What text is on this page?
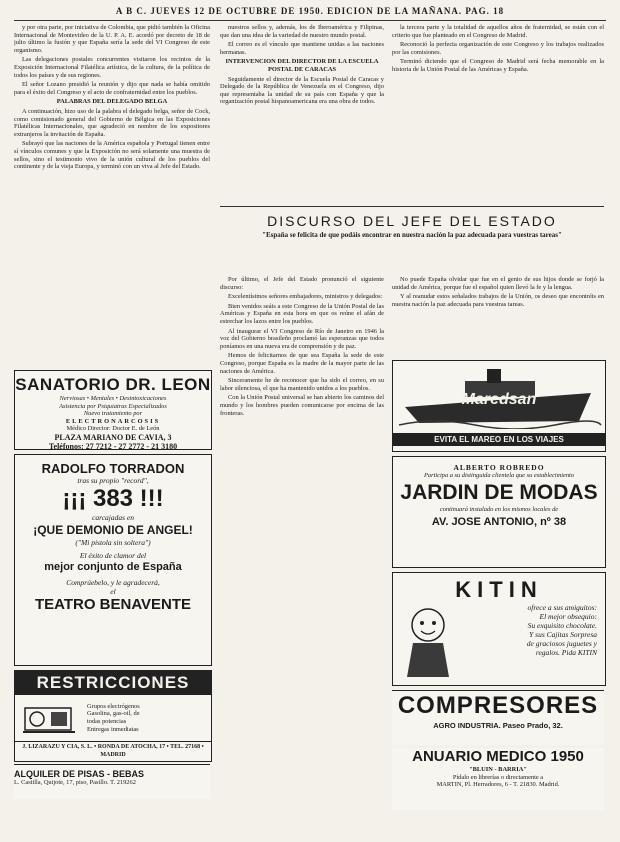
A B C. JUEVES 12 DE OCTUBRE DE 1950. EDICION DE LA MAÑANA. PAG. 18

y por otra parte, por iniciativa de Colombia, que pidió también la Oficina Internacional de Montevideo de la U. P. A. E. acordó por decreto de 18 de julio último la fusión y que España sería la sede del VI Congreso de este organismo.

Las delegaciones postales concurrentes visitaron los recintos de la Exposición Internacional Filatélica artística, de la cultura, de la política de todos los países y de sus regiones.

El señor Lozano presidió la reunión y dijo que nada se había omitido para el éxito del Congreso y el acto de confraternidad entre los pueblos.

PALABRAS DEL DELEGADO BELGA

A continuación, hizo uso de la palabra el delegado belga, señor de Cock, como comisionado general del Gobierno de Bélgica en las Exposiciones Filatélicas Internacionales, que agradeció en nombre de los expositores extranjeros la invitación de España.

Subrayó que las naciones de la América española y Portugal tienen entre sí vínculos comunes y que la Exposición no será solamente una muestra de sellos, sino el testimonio vivo de la unión cultural de los pueblos del continente y de la vieja Europa, y terminó con un viva al Jefe del Estado.

nuestros sellos y, además, los de Iberoamérica y Filipinas, que dan una idea de la variedad de nuestro mundo postal.

El correo es el vínculo que mantiene unidas a las naciones hermanas.

INTERVENCION DEL DIRECTOR DE LA ESCUELA POSTAL DE CARACAS

Seguidamente el director de la Escuela Postal de Caracas y Delegado de la República de Venezuela en el Congreso, dijo que representaba la unidad de su país con España y que la organización postal hispanoamericana era una obra de todos.

la tercera parte y la totalidad de aquellos años de fraternidad, se están con el criterio que fue planteado en el Congreso de Madrid.

Reconoció la perfecta organización de este Congreso y los trabajos realizados por las comisiones.

Terminó diciendo que el Congreso de Madrid será fecha memorable en la historia de la Unión Postal de las Américas y España.

DISCURSO DEL JEFE DEL ESTADO
"España se felicita de que podáis encontrar en nuestra nación la paz adecuada para vuestras tareas"

Por último, el Jefe del Estado pronunció el siguiente discurso:

Excelentísimos señores embajadores, ministros y delegados:

Bien venidos seáis a este Congreso de la Unión Postal de las Américas y España en esta hora en que os reúne el afán de estrechar los lazos entre los pueblos.

Al inaugurar el VI Congreso de Río de Janeiro en 1946 la voz del Gobierno brasileño proclamó las esperanzas que todos poníamos en una nueva era de comprensión y de paz.

Hemos de felicitarnos de que sea España la sede de este Congreso, porque España es la madre de la mayor parte de las naciones de América.

Sinceramente he de reconocer que ha sido el correo, en su labor silenciosa, el que ha mantenido unidos a los pueblos.

Con la Unión Postal universal se han abierto los caminos del mundo y los hombres pueden comunicarse por encima de las fronteras.

No puede España olvidar que fue en el genio de sus hijos donde se forjó la unidad de América, porque fue el español quien llevó la fe y la lengua.

Y al reanudar estos señalados trabajos de la Unión, os deseo que encontréis en nuestra nación la paz adecuada para vuestras tareas.

SANATORIO DR. LEON
Nerviosas • Mentales • Desintoxicaciones
Asistencia por Psiquiatras Especializados
Nuevo tratamiento por
ELECTRONARCOSIS
Médico Director: Doctor E. de León
PLAZA MARIANO DE CAVIA, 3
Teléfonos: 27 7212 - 27 2772 - 21 3180
RADOLFO TORRADON
tras su propio "record",
¡¡¡ 383 !!!
carcajadas en
¡QUE DEMONIO DE ANGEL!
("Mi pistola sin soltera")
El éxito de clamor del
mejor conjunto de España
Comprúebelo, y le agradecerá,
el
TEATRO BENAVENTE
RESTRICCIONES
Grupos electrógenos
Gasolina, gas-oil, de
todas potencias
Entregas inmediatas
J. LIZARAZU Y CIA, S. L. • RONDA DE ATOCHA, 17 • TEL. 27168 • MADRID
ALQUILER DE PISAS - BEBAS
L. Castilla, Quijote, 17, piso, Pasillo. T. 219262
Maredsan
EVITA EL MAREO EN LOS VIAJES
ALBERTO ROBREDO
Participa a su distinguida clientela que su establecimiento
JARDIN DE MODAS
continuará instalado en los mismos locales de
AV. JOSE ANTONIO, nº 38
KITIN
ofrece a sus amiguitos:
El mejor obsequio:
Su exquisito chocolate.
Y sus Cajitas Sorpresa
de graciosos juguetes y
regalos. Pida KITIN
COMPRESORES
AGRO INDUSTRIA. Paseo Prado, 32.
ANUARIO MEDICO 1950
"BLUIN - BARRIA"
Pídalo en librerías o directamente a
MARTIN, Pl. Herradores, 6 - T. 21830. Madrid.
